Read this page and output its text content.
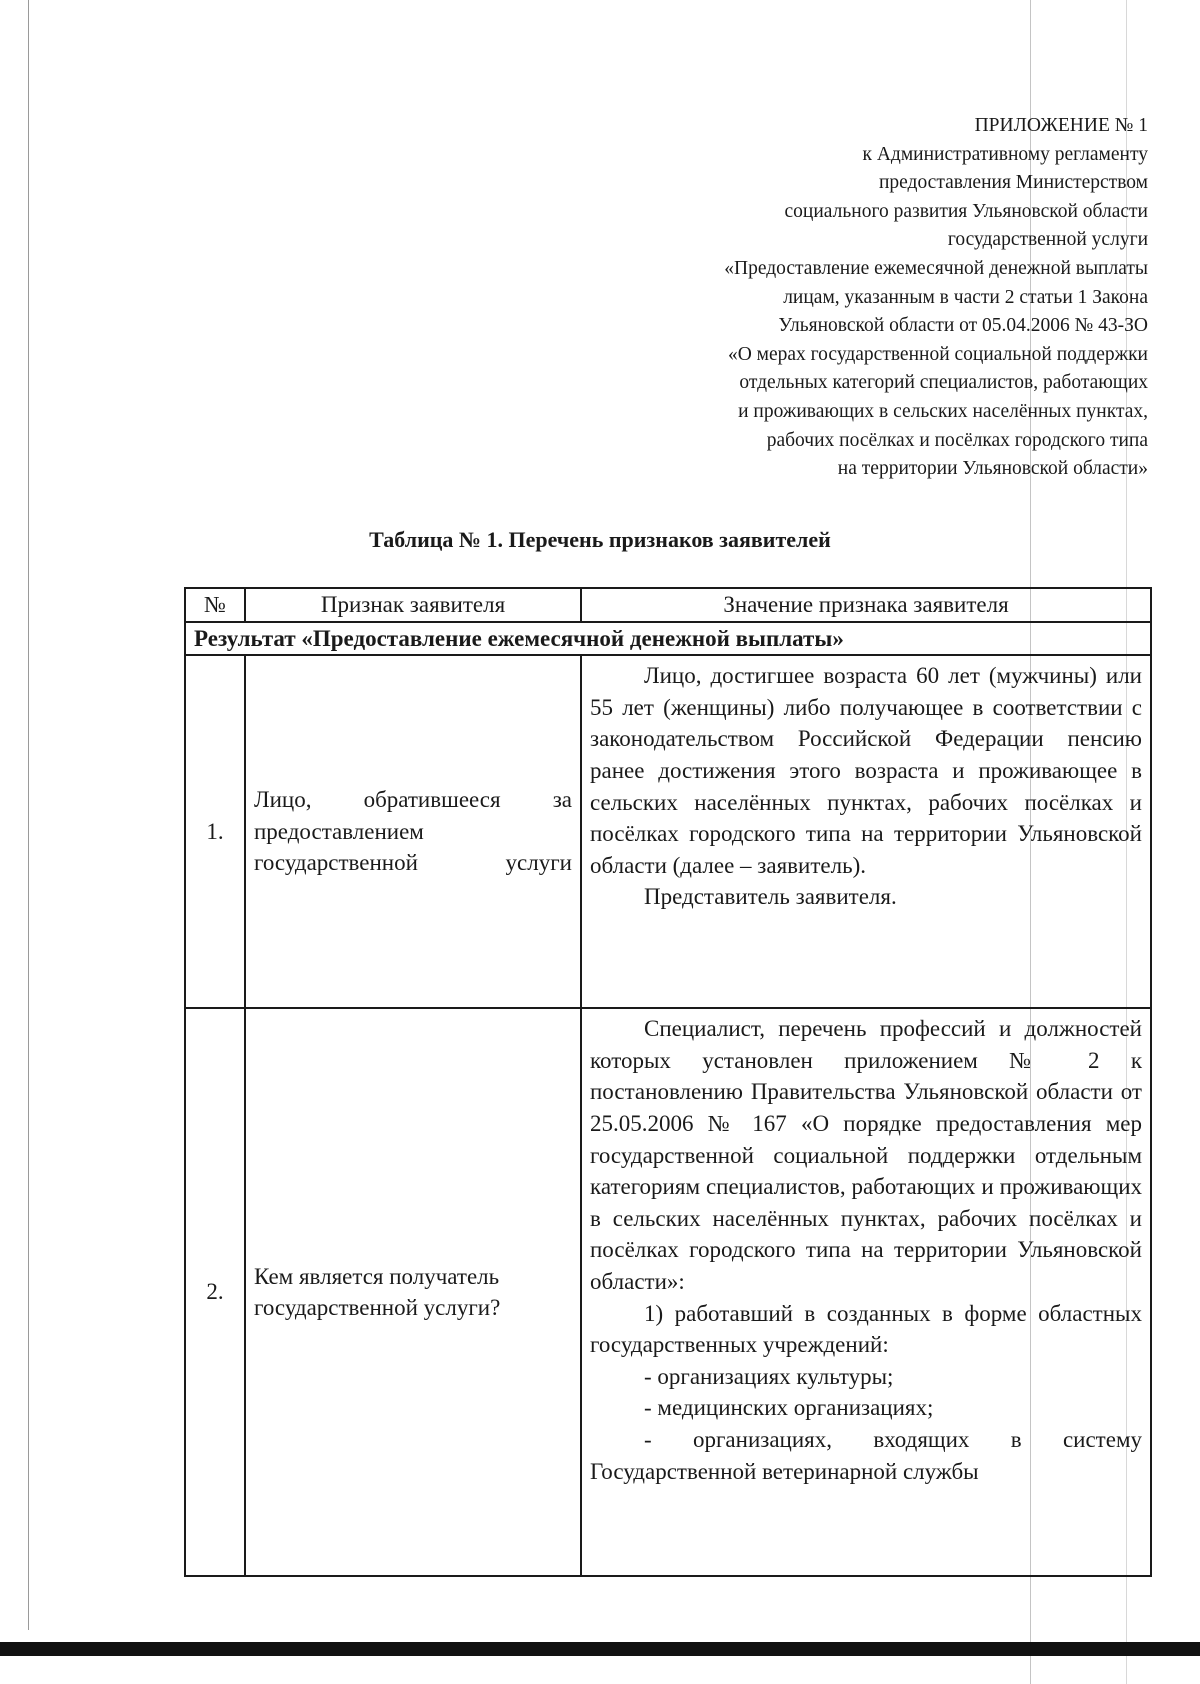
ПРИЛОЖЕНИЕ № 1
к Административному регламенту
предоставления Министерством
социального развития Ульяновской области
государственной услуги
«Предоставление ежемесячной денежной выплаты
лицам, указанным в части 2 статьи 1 Закона
Ульяновской области от 05.04.2006 № 43-ЗО
«О мерах государственной социальной поддержки
отдельных категорий специалистов, работающих
и проживающих в сельских населённых пунктах,
рабочих посёлках и посёлках городского типа
на территории Ульяновской области»
Таблица № 1. Перечень признаков заявителей
№	Признак заявителя	Значение признака заявителя
Результат «Предоставление ежемесячной денежной выплаты»		
1.	Лицо, обратившееся за предоставлением государственной услуги	Лицо, достигшее возраста 60 лет (мужчины) или 55 лет (женщины) либо получающее в соответствии с законодательством Российской Федерации пенсию ранее достижения этого возраста и проживающее в сельских населённых пунктах, рабочих посёлках и посёлках городского типа на территории Ульяновской области (далее – заявитель).

Представитель заявителя.

2.	Кем является получатель государственной услуги?	Специалист, перечень профессий и должностей которых установлен приложением № 2 к постановлению Правительства Ульяновской области от 25.05.2006 № 167 «О порядке предоставления мер государственной социальной поддержки отдельным категориям специалистов, работающих и проживающих в сельских населённых пунктах, рабочих посёлках и посёлках городского типа на территории Ульяновской области»:

1) работавший в созданных в форме областных государственных учреждений:

- организациях культуры;

- медицинских организациях;

- организациях, входящих в систему Государственной ветеринарной службы
